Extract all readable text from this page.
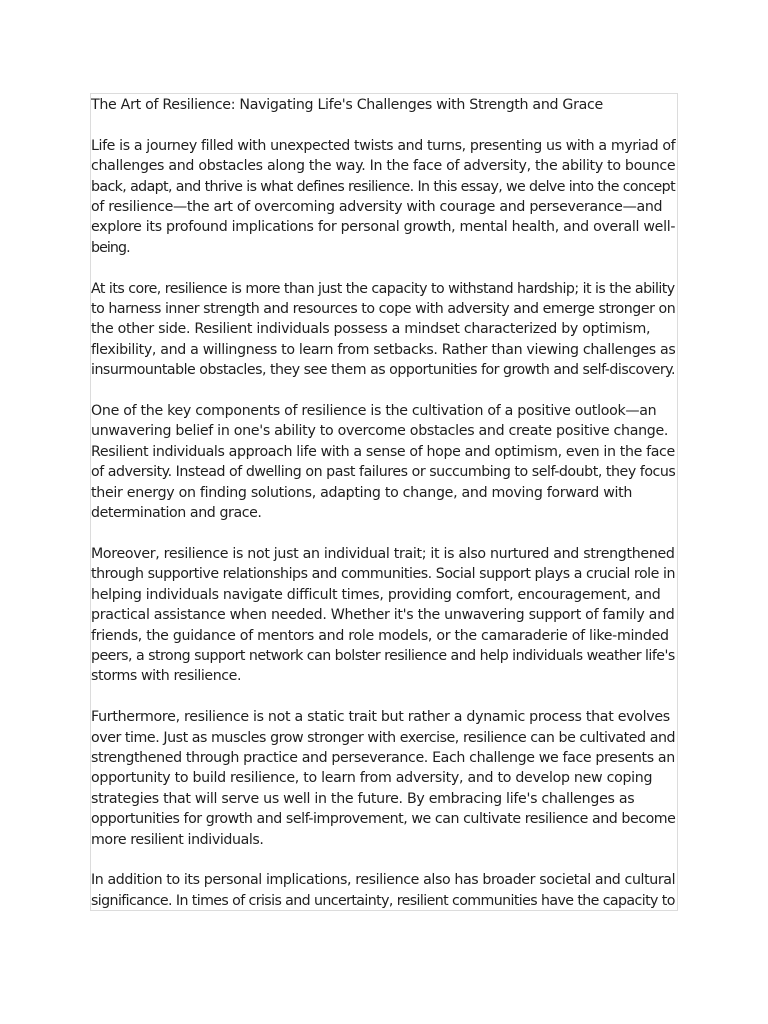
The Art of Resilience: Navigating Life's Challenges with Strength and Grace
Life is a journey filled with unexpected twists and turns, presenting us with a myriad of
challenges and obstacles along the way. In the face of adversity, the ability to bounce
back, adapt, and thrive is what defines resilience. In this essay, we delve into the concept
of resilience—the art of overcoming adversity with courage and perseverance—and
explore its profound implications for personal growth, mental health, and overall well-
being.
At its core, resilience is more than just the capacity to withstand hardship; it is the ability
to harness inner strength and resources to cope with adversity and emerge stronger on
the other side. Resilient individuals possess a mindset characterized by optimism,
flexibility, and a willingness to learn from setbacks. Rather than viewing challenges as
insurmountable obstacles, they see them as opportunities for growth and self-discovery.
One of the key components of resilience is the cultivation of a positive outlook—an
unwavering belief in one's ability to overcome obstacles and create positive change.
Resilient individuals approach life with a sense of hope and optimism, even in the face
of adversity. Instead of dwelling on past failures or succumbing to self-doubt, they focus
their energy on finding solutions, adapting to change, and moving forward with
determination and grace.
Moreover, resilience is not just an individual trait; it is also nurtured and strengthened
through supportive relationships and communities. Social support plays a crucial role in
helping individuals navigate difficult times, providing comfort, encouragement, and
practical assistance when needed. Whether it's the unwavering support of family and
friends, the guidance of mentors and role models, or the camaraderie of like-minded
peers, a strong support network can bolster resilience and help individuals weather life's
storms with resilience.
Furthermore, resilience is not a static trait but rather a dynamic process that evolves
over time. Just as muscles grow stronger with exercise, resilience can be cultivated and
strengthened through practice and perseverance. Each challenge we face presents an
opportunity to build resilience, to learn from adversity, and to develop new coping
strategies that will serve us well in the future. By embracing life's challenges as
opportunities for growth and self-improvement, we can cultivate resilience and become
more resilient individuals.
In addition to its personal implications, resilience also has broader societal and cultural
significance. In times of crisis and uncertainty, resilient communities have the capacity to
